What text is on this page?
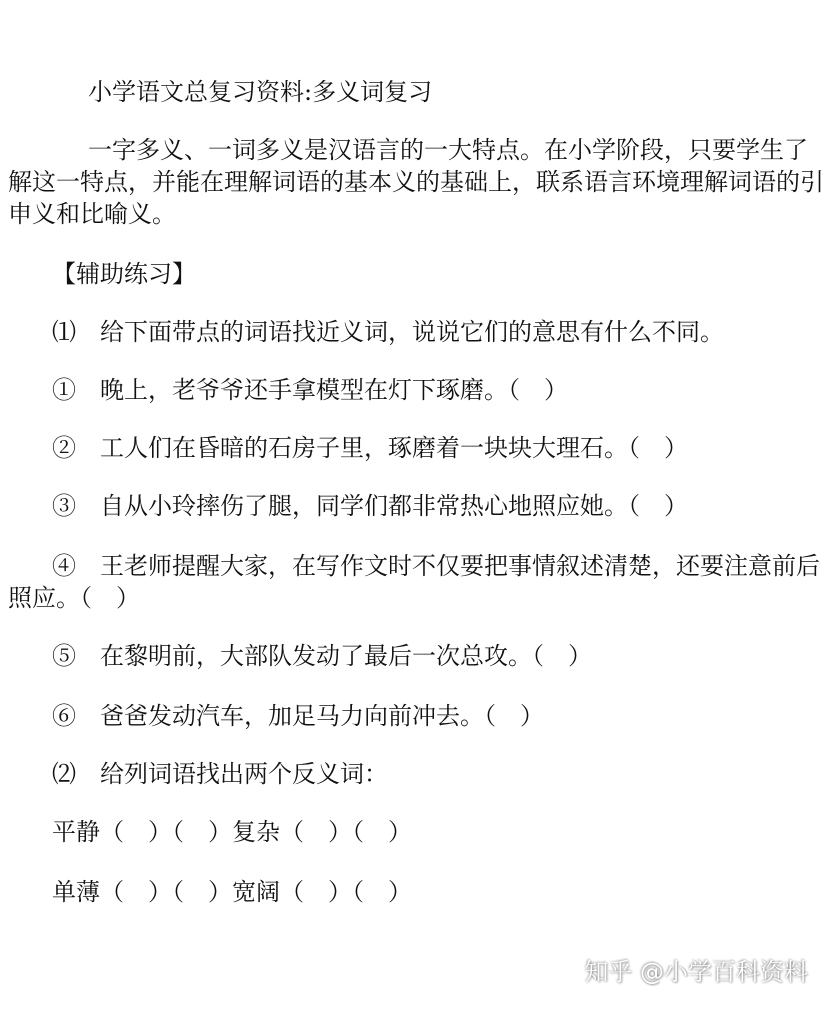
小学语文总复习资料:多义词复习
一字多义、一词多义是汉语言的一大特点。在小学阶段，只要学生了
解这一特点，并能在理解词语的基本义的基础上，联系语言环境理解词语的引
申义和比喻义。
【辅助练习】
⑴　给下面带点的词语找近义词，说说它们的意思有什么不同。
①　晚上，老爷爷还手拿模型在灯下琢磨。（　）
②　工人们在昏暗的石房子里，琢磨着一块块大理石。（　）
③　自从小玲摔伤了腿，同学们都非常热心地照应她。（　）
④　王老师提醒大家，在写作文时不仅要把事情叙述清楚，还要注意前后
照应。（　）
⑤　在黎明前，大部队发动了最后一次总攻。（　）
⑥　爸爸发动汽车，加足马力向前冲去。（　）
⑵　给列词语找出两个反义词：
平静（　）（　）复杂（　）（　）
单薄（　）（　）宽阔（　）（　）
知乎 @小学百科资料
